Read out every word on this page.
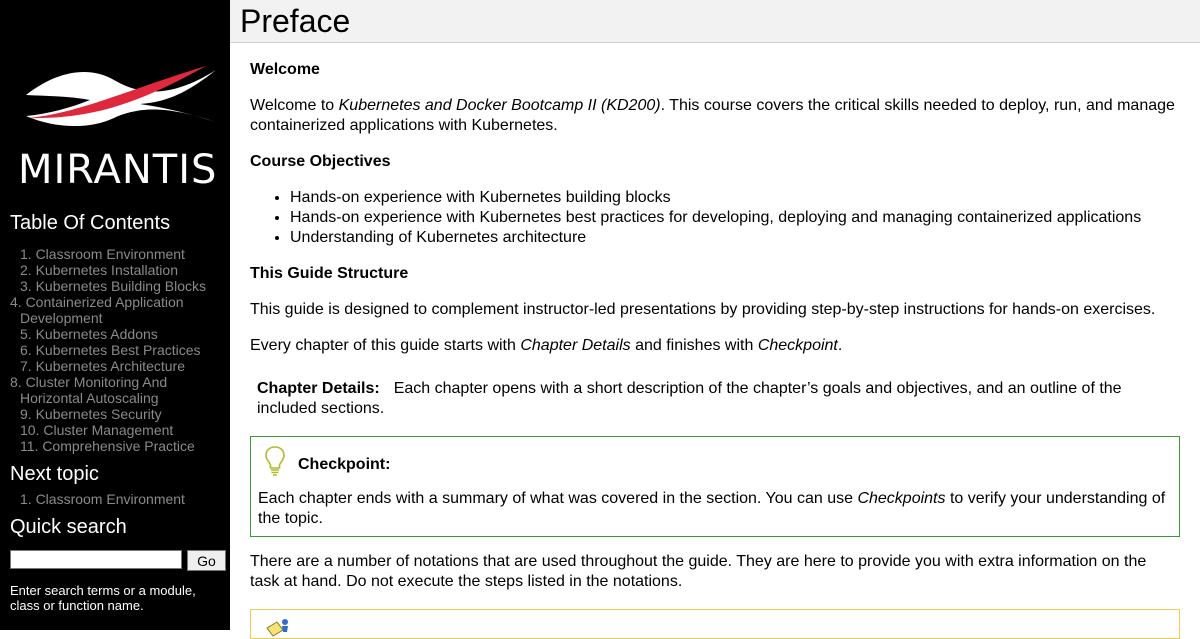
MIRANTIS
Table Of Contents
1. Classroom Environment
2. Kubernetes Installation
3. Kubernetes Building Blocks
4. Containerized Application Development
5. Kubernetes Addons
6. Kubernetes Best Practices
7. Kubernetes Architecture
8. Cluster Monitoring And Horizontal Autoscaling
9. Kubernetes Security
10. Cluster Management
11. Comprehensive Practice
Next topic
1. Classroom Environment
Quick search
Go
Enter search terms or a module, class or function name.
Preface

Welcome

Welcome to Kubernetes and Docker Bootcamp II (KD200). This course covers the critical skills needed to deploy, run, and manage containerized applications with Kubernetes.

Course Objectives

• Hands-on experience with Kubernetes building blocks
• Hands-on experience with Kubernetes best practices for developing, deploying and managing containerized applications
• Understanding of Kubernetes architecture

This Guide Structure

This guide is designed to complement instructor-led presentations by providing step-by-step instructions for hands-on exercises.

Every chapter of this guide starts with Chapter Details and finishes with Checkpoint.

Chapter Details: Each chapter opens with a short description of the chapter’s goals and objectives, and an outline of the included sections.

Checkpoint:

Each chapter ends with a summary of what was covered in the section. You can use Checkpoints to verify your understanding of the topic.

There are a number of notations that are used throughout the guide. They are here to provide you with extra information on the task at hand. Do not execute the steps listed in the notations.
